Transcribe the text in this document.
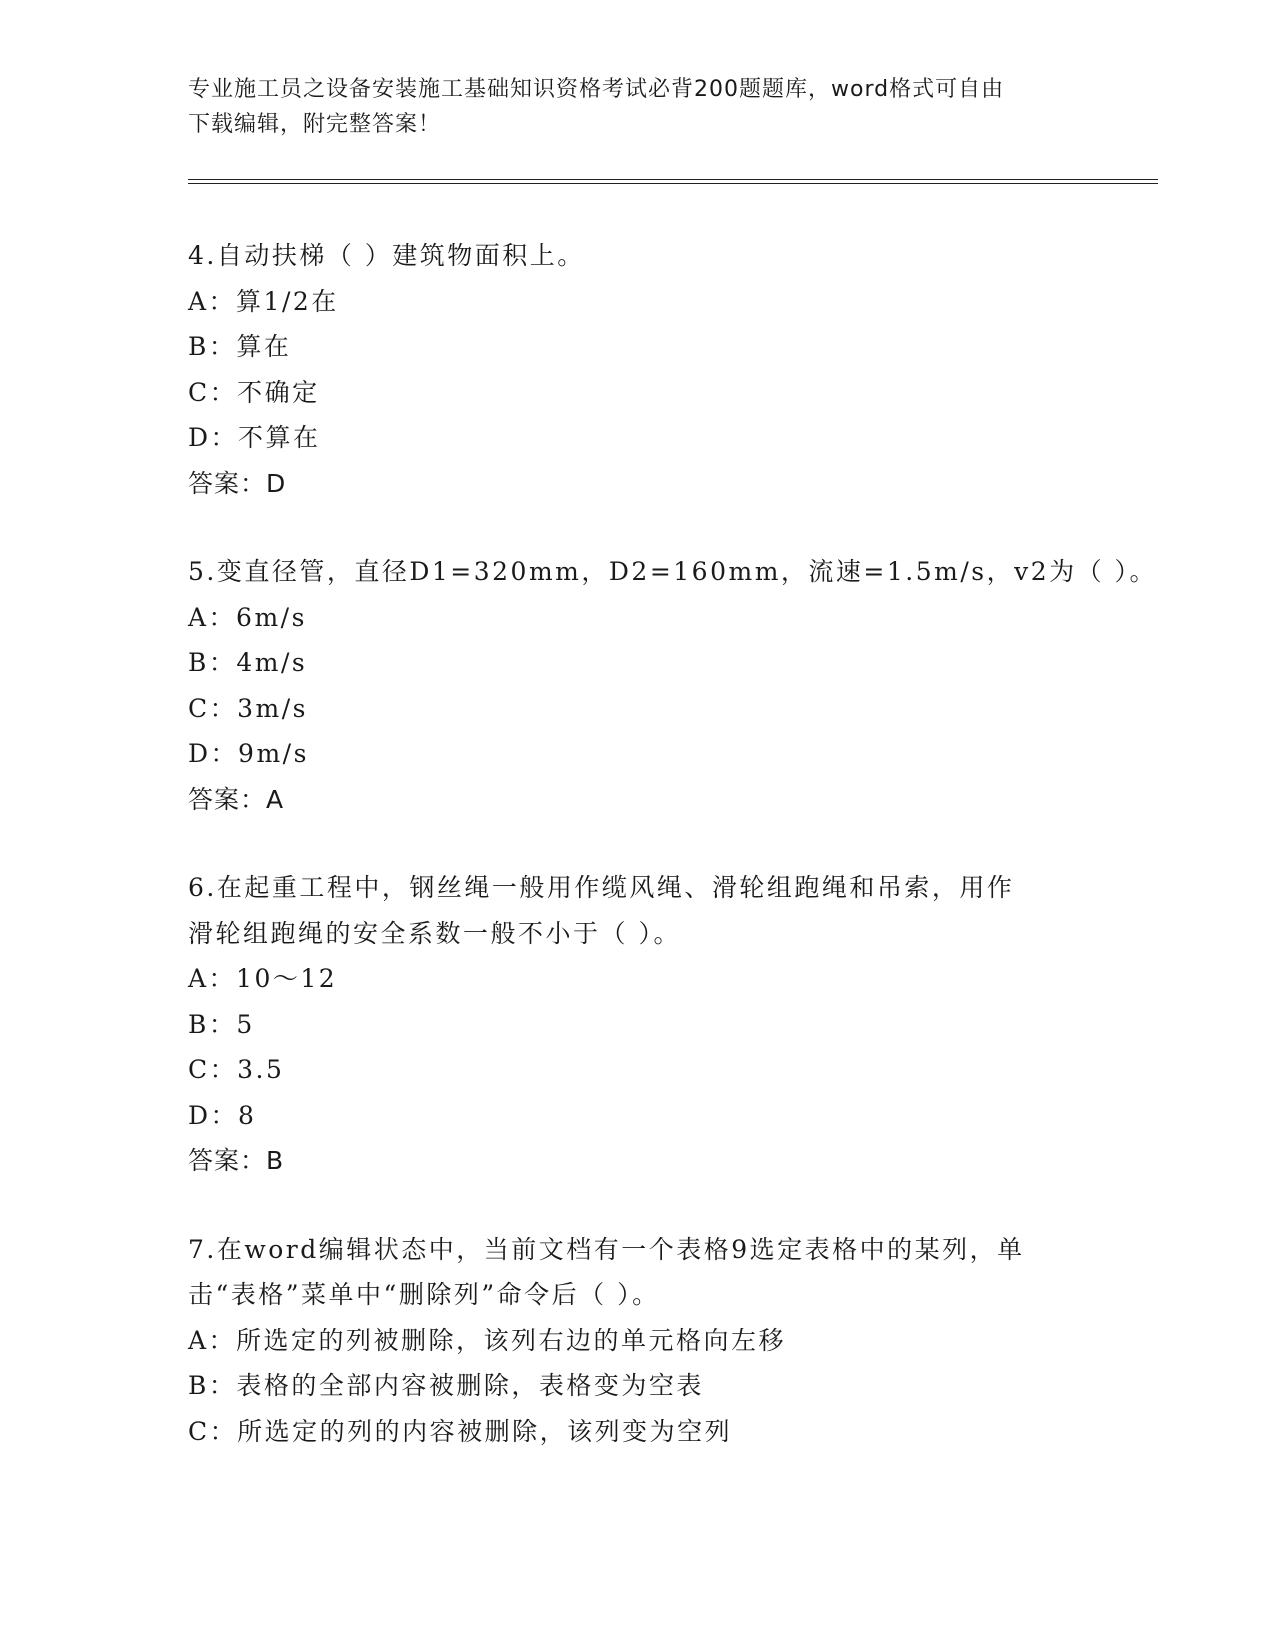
专业施工员之设备安装施工基础知识资格考试必背200题题库，word格式可自由
下载编辑，附完整答案！
4.自动扶梯（ ）建筑物面积上。
A：算1/2在
B：算在
C：不确定
D：不算在
答案：D
5.变直径管，直径D1=320mm，D2=160mm，流速=1.5m/s，v2为（ ）。
A：6m/s
B：4m/s
C：3m/s
D：9m/s
答案：A
6.在起重工程中，钢丝绳一般用作缆风绳、滑轮组跑绳和吊索，用作
滑轮组跑绳的安全系数一般不小于（ ）。
A：10～12
B：5
C：3.5
D：8
答案：B
7.在word编辑状态中，当前文档有一个表格9选定表格中的某列，单
击“表格”菜单中“删除列”命令后（ ）。
A：所选定的列被删除，该列右边的单元格向左移
B：表格的全部内容被删除，表格变为空表
C：所选定的列的内容被删除，该列变为空列
